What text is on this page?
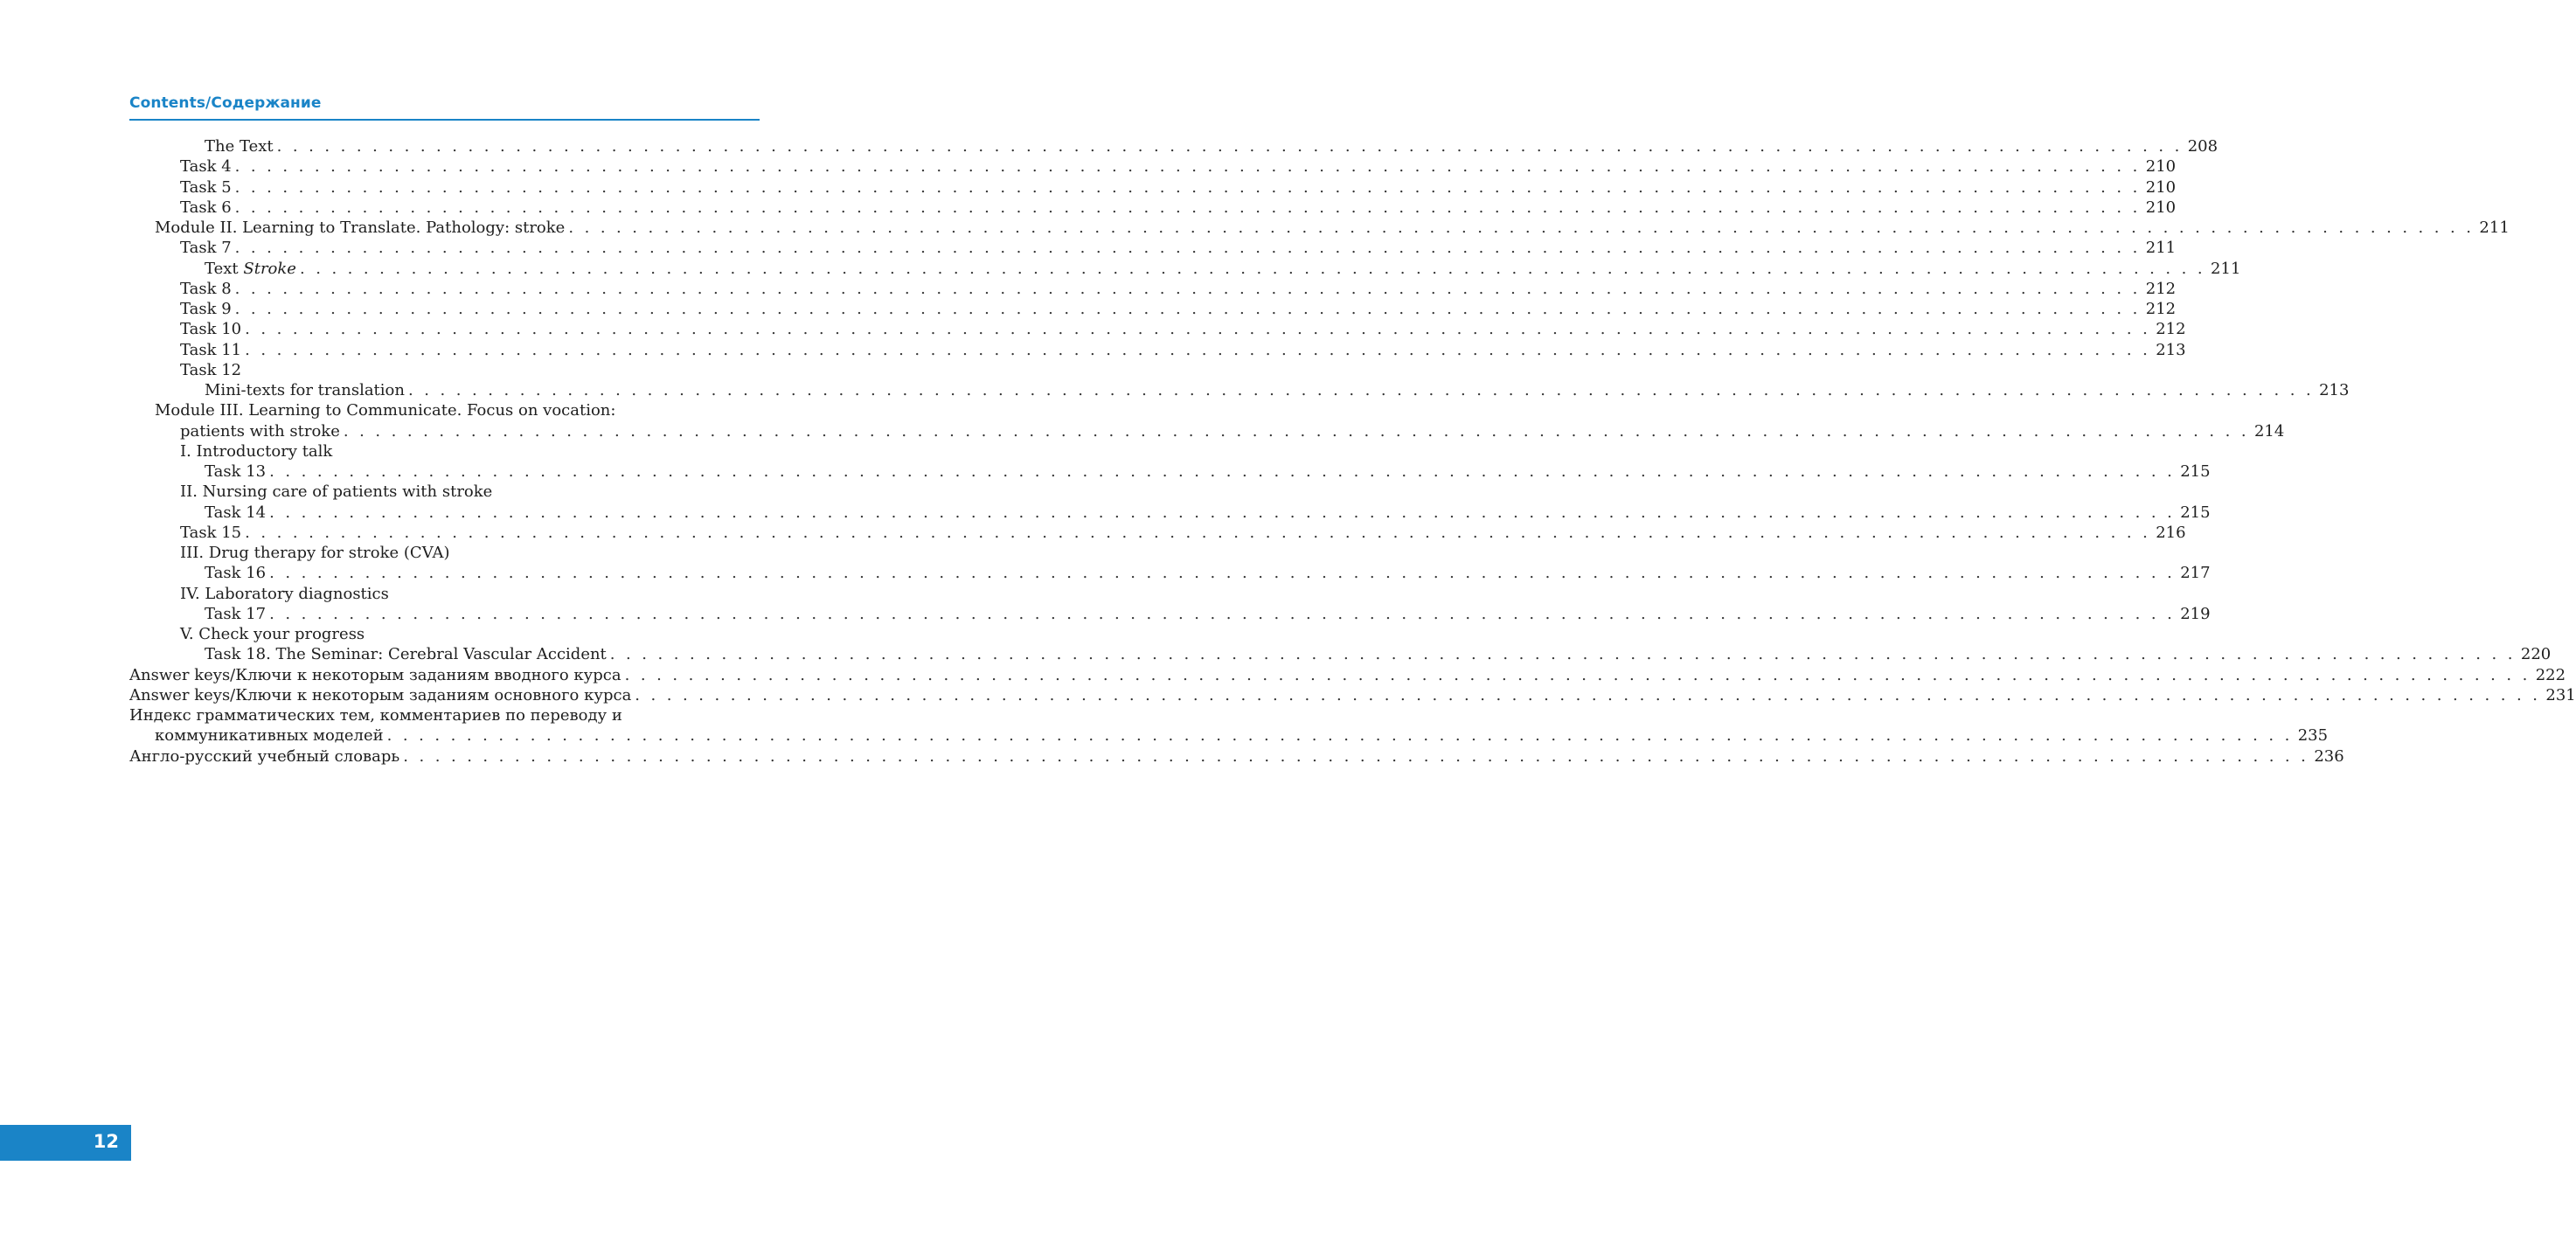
Contents/Содержание
The Text . . . . . . . . . . . . . . . . . . . . . . . . . . . . . . . . . . . . . . . . . . . . . . . . . . . . . . . . . . . . . . . . . . . . . . . . . . . . . . . . . . . . . . . . . . . . . . . . . . . . . . . . . . . . . . . . . . . . . . . . 208
Task 4 . . . . . . . . . . . . . . . . . . . . . . . . . . . . . . . . . . . . . . . . . . . . . . . . . . . . . . . . . . . . . . . . . . . . . . . . . . . . . . . . . . . . . . . . . . . . . . . . . . . . . . . . . . . . . . . . . . . . . . . . 210
Task 5 . . . . . . . . . . . . . . . . . . . . . . . . . . . . . . . . . . . . . . . . . . . . . . . . . . . . . . . . . . . . . . . . . . . . . . . . . . . . . . . . . . . . . . . . . . . . . . . . . . . . . . . . . . . . . . . . . . . . . . . . 210
Task 6 . . . . . . . . . . . . . . . . . . . . . . . . . . . . . . . . . . . . . . . . . . . . . . . . . . . . . . . . . . . . . . . . . . . . . . . . . . . . . . . . . . . . . . . . . . . . . . . . . . . . . . . . . . . . . . . . . . . . . . . . 210
Module II. Learning to Translate. Pathology: stroke . . . . . . . . . . . . . . . . . . . . . . . . . . . . . . . . . . . . . . . . . . . . . . . . . . . . . . . . . . . . . . . . . . . . . . . . . . . . . . . . . . . . . . . . . . . . . . . . . . . . . . . . . . . . . . . . . . . . . . . . 211
Task 7 . . . . . . . . . . . . . . . . . . . . . . . . . . . . . . . . . . . . . . . . . . . . . . . . . . . . . . . . . . . . . . . . . . . . . . . . . . . . . . . . . . . . . . . . . . . . . . . . . . . . . . . . . . . . . . . . . . . . . . . . 211
Text Stroke . . . . . . . . . . . . . . . . . . . . . . . . . . . . . . . . . . . . . . . . . . . . . . . . . . . . . . . . . . . . . . . . . . . . . . . . . . . . . . . . . . . . . . . . . . . . . . . . . . . . . . . . . . . . . . . . . . . . . . . . 211
Task 8 . . . . . . . . . . . . . . . . . . . . . . . . . . . . . . . . . . . . . . . . . . . . . . . . . . . . . . . . . . . . . . . . . . . . . . . . . . . . . . . . . . . . . . . . . . . . . . . . . . . . . . . . . . . . . . . . . . . . . . . . 212
Task 9 . . . . . . . . . . . . . . . . . . . . . . . . . . . . . . . . . . . . . . . . . . . . . . . . . . . . . . . . . . . . . . . . . . . . . . . . . . . . . . . . . . . . . . . . . . . . . . . . . . . . . . . . . . . . . . . . . . . . . . . . 212
Task 10 . . . . . . . . . . . . . . . . . . . . . . . . . . . . . . . . . . . . . . . . . . . . . . . . . . . . . . . . . . . . . . . . . . . . . . . . . . . . . . . . . . . . . . . . . . . . . . . . . . . . . . . . . . . . . . . . . . . . . . . . 212
Task 11 . . . . . . . . . . . . . . . . . . . . . . . . . . . . . . . . . . . . . . . . . . . . . . . . . . . . . . . . . . . . . . . . . . . . . . . . . . . . . . . . . . . . . . . . . . . . . . . . . . . . . . . . . . . . . . . . . . . . . . . . 213
Task 12
Mini-texts for translation . . . . . . . . . . . . . . . . . . . . . . . . . . . . . . . . . . . . . . . . . . . . . . . . . . . . . . . . . . . . . . . . . . . . . . . . . . . . . . . . . . . . . . . . . . . . . . . . . . . . . . . . . . . . . . . . . . . . . . . . 213
Module III. Learning to Communicate. Focus on vocation:
patients with stroke . . . . . . . . . . . . . . . . . . . . . . . . . . . . . . . . . . . . . . . . . . . . . . . . . . . . . . . . . . . . . . . . . . . . . . . . . . . . . . . . . . . . . . . . . . . . . . . . . . . . . . . . . . . . . . . . . . . . . . . . 214
I. Introductory talk
Task 13 . . . . . . . . . . . . . . . . . . . . . . . . . . . . . . . . . . . . . . . . . . . . . . . . . . . . . . . . . . . . . . . . . . . . . . . . . . . . . . . . . . . . . . . . . . . . . . . . . . . . . . . . . . . . . . . . . . . . . . . . 215
II. Nursing care of patients with stroke
Task 14 . . . . . . . . . . . . . . . . . . . . . . . . . . . . . . . . . . . . . . . . . . . . . . . . . . . . . . . . . . . . . . . . . . . . . . . . . . . . . . . . . . . . . . . . . . . . . . . . . . . . . . . . . . . . . . . . . . . . . . . . 215
Task 15 . . . . . . . . . . . . . . . . . . . . . . . . . . . . . . . . . . . . . . . . . . . . . . . . . . . . . . . . . . . . . . . . . . . . . . . . . . . . . . . . . . . . . . . . . . . . . . . . . . . . . . . . . . . . . . . . . . . . . . . . 216
III. Drug therapy for stroke (CVA)
Task 16 . . . . . . . . . . . . . . . . . . . . . . . . . . . . . . . . . . . . . . . . . . . . . . . . . . . . . . . . . . . . . . . . . . . . . . . . . . . . . . . . . . . . . . . . . . . . . . . . . . . . . . . . . . . . . . . . . . . . . . . . 217
IV. Laboratory diagnostics
Task 17 . . . . . . . . . . . . . . . . . . . . . . . . . . . . . . . . . . . . . . . . . . . . . . . . . . . . . . . . . . . . . . . . . . . . . . . . . . . . . . . . . . . . . . . . . . . . . . . . . . . . . . . . . . . . . . . . . . . . . . . . 219
V. Check your progress
Task 18. The Seminar: Cerebral Vascular Accident . . . . . . . . . . . . . . . . . . . . . . . . . . . . . . . . . . . . . . . . . . . . . . . . . . . . . . . . . . . . . . . . . . . . . . . . . . . . . . . . . . . . . . . . . . . . . . . . . . . . . . . . . . . . . . . . . . . . . . . . 220
Answer keys/Ключи к некоторым заданиям вводного курса . . . . . . . . . . . . . . . . . . . . . . . . . . . . . . . . . . . . . . . . . . . . . . . . . . . . . . . . . . . . . . . . . . . . . . . . . . . . . . . . . . . . . . . . . . . . . . . . . . . . . . . . . . . . . . . . . . . . . . . . 222
Answer keys/Ключи к некоторым заданиям основного курса . . . . . . . . . . . . . . . . . . . . . . . . . . . . . . . . . . . . . . . . . . . . . . . . . . . . . . . . . . . . . . . . . . . . . . . . . . . . . . . . . . . . . . . . . . . . . . . . . . . . . . . . . . . . . . . . . . . . . . . . 231
Индекс грамматических тем, комментариев по переводу и
коммуникативных моделей . . . . . . . . . . . . . . . . . . . . . . . . . . . . . . . . . . . . . . . . . . . . . . . . . . . . . . . . . . . . . . . . . . . . . . . . . . . . . . . . . . . . . . . . . . . . . . . . . . . . . . . . . . . . . . . . . . . . . . . . 235
Англо-русский учебный словарь . . . . . . . . . . . . . . . . . . . . . . . . . . . . . . . . . . . . . . . . . . . . . . . . . . . . . . . . . . . . . . . . . . . . . . . . . . . . . . . . . . . . . . . . . . . . . . . . . . . . . . . . . . . . . . . . . . . . . . . . 236
12
